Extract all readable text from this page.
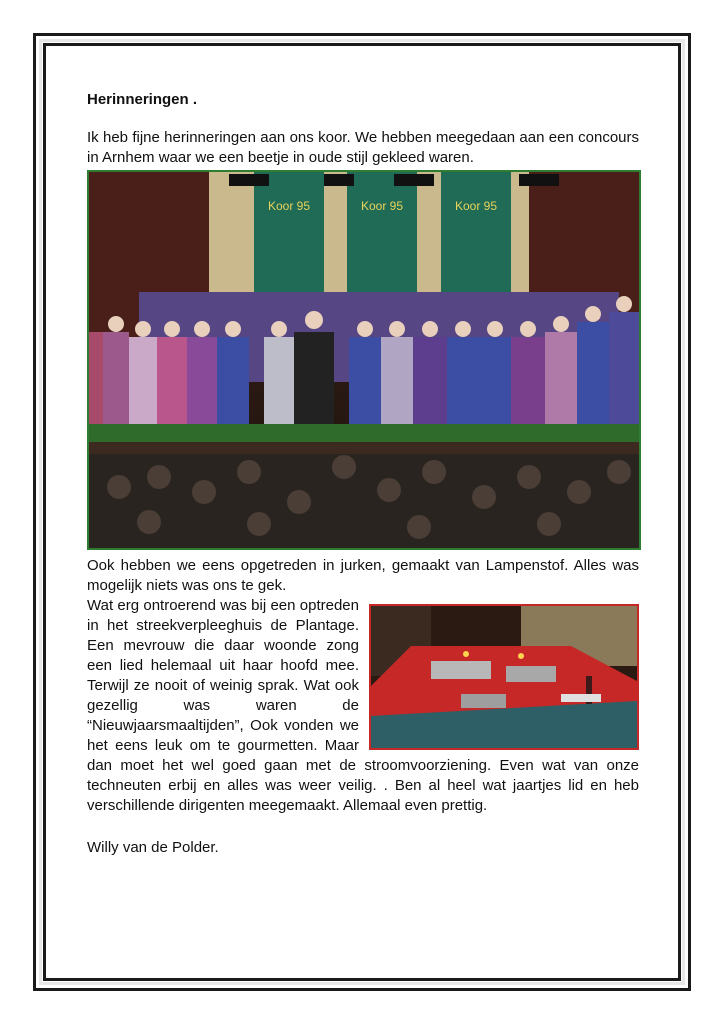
Herinneringen .

Ik heb fijne herinneringen aan ons koor. We hebben meegedaan aan een concours in Arnhem waar we een beetje in oude stijl gekleed waren.

Koor 95	Koor 95	Koor 95

Ook hebben we eens opgetreden in jurken, gemaakt van Lampenstof. Alles was mogelijk niets was ons te gek.

Wat erg ontroerend was bij een optreden in het streekverpleeghuis de Plantage. Een mevrouw die daar woonde zong een lied helemaal uit haar hoofd mee. Terwijl ze nooit of weinig sprak. Wat ook gezellig was waren de “Nieuwjaarsmaaltijden”, Ook vonden we het eens leuk om te gourmetten. Maar dan moet het wel goed gaan met de stroomvoorziening. Even wat van onze techneuten erbij en alles was weer veilig. . Ben al heel wat jaartjes lid en heb verschillende dirigenten meegemaakt. Allemaal even prettig.

Willy van de Polder.
